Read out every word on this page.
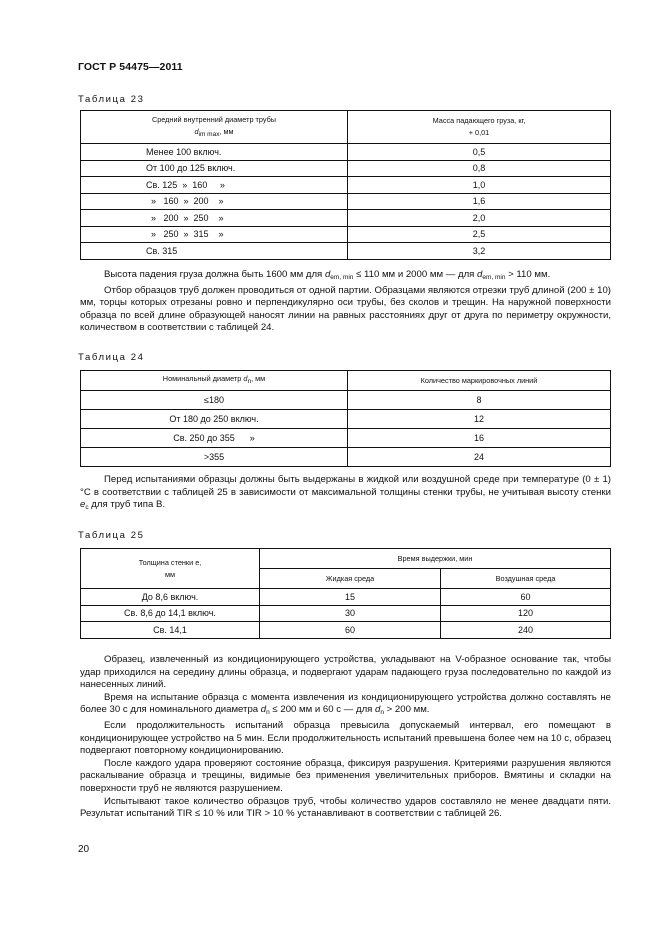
ГОСТ Р 54475—2011
Таблица 23
Средний внутренний диаметр трубы
$d_{im max}$, мм	Масса падающего груза, кг,
+ 0,01
Менее 100 включ.	0,5
От 100 до 125 включ.	0,8
Св. 125  »  160     »	1,0
»   160  »  200    »	1,6
»   200  »  250    »	2,0
»   250  »  315    »	2,5
Св. 315	3,2

Высота падения груза должна быть 1600 мм для $d_{em, min} \le 110$ мм и 2000 мм — для $d_{em, min} > 110$ мм.

Отбор образцов труб должен проводиться от одной партии. Образцами являются отрезки труб длиной (200 ± 10) мм, торцы которых отрезаны ровно и перпендикулярно оси трубы, без сколов и трещин. На наружной поверхности образца по всей длине образующей наносят линии на равных расстояниях друг от друга по периметру окружности, количеством в соответствии с таблицей 24.

Таблица 24
Номинальный диаметр $d_n$, мм	Количество маркировочных линий
≤180	8
От 180 до 250 включ.	12
Св. 250 до 355      »	16
>355	24

Перед испытаниями образцы должны быть выдержаны в жидкой или воздушной среде при температуре (0 ± 1) °С в соответствии с таблицей 25 в зависимости от максимальной толщины стенки трубы, не учитывая высоту стенки $e_c$ для труб типа В.

Таблица 25
Толщина стенки e,
мм	Время выдержки, мин	
	Жидкая среда	Воздушная среда
До 8,6 включ.	15	60
Св. 8,6 до 14,1 включ.	30	120
Св. 14,1	60	240

Образец, извлеченный из кондиционирующего устройства, укладывают на V-образное основание так, чтобы удар приходился на середину длины образца, и подвергают ударам падающего груза последовательно по каждой из нанесенных линий.

Время на испытание образца с момента извлечения из кондиционирующего устройства должно составлять не более 30 с для номинального диаметра $d_n \le 200$ мм и 60 с — для $d_n > 200$ мм.

Если продолжительность испытаний образца превысила допускаемый интервал, его помещают в кондиционирующее устройство на 5 мин. Если продолжительность испытаний превышена более чем на 10 с, образец подвергают повторному кондиционированию.

После каждого удара проверяют состояние образца, фиксируя разрушения. Критериями разрушения являются раскалывание образца и трещины, видимые без применения увеличительных приборов. Вмятины и складки на поверхности труб не являются разрушением.

Испытывают такое количество образцов труб, чтобы количество ударов составляло не менее двадцати пяти. Результат испытаний TIR ≤ 10 % или TIR > 10 % устанавливают в соответствии с таблицей 26.

20
